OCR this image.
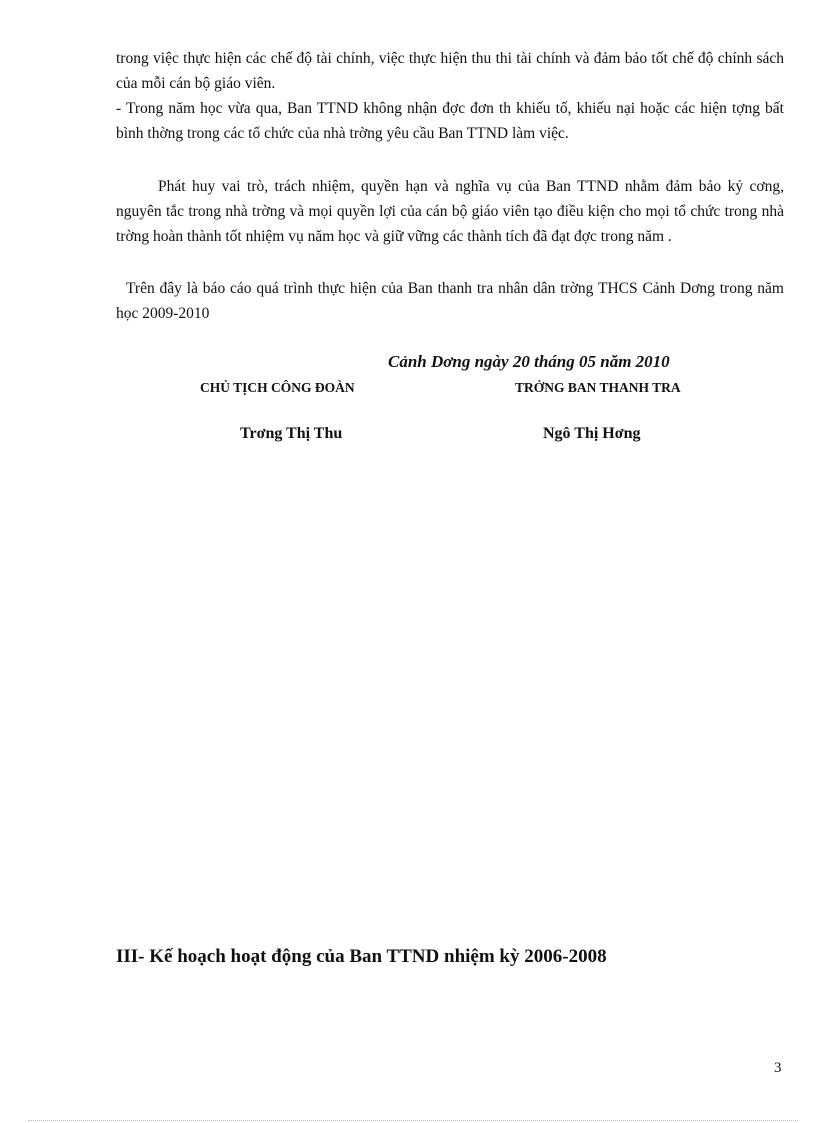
trong việc thực hiện các chế độ tài chính, việc thực hiện thu thi tài chính và đảm bảo tốt chế độ chính sách của mỗi cán bộ giáo viên.

- Trong năm học vừa qua, Ban TTND không nhận đợc đơn th khiếu tố, khiếu nại hoặc các hiện tợng bất bình thờng trong các tổ chức của nhà trờng yêu cầu Ban TTND làm việc.

Phát huy vai trò, trách nhiệm, quyền hạn và nghĩa vụ của Ban TTND nhằm đảm bảo kỷ cơng, nguyên tắc trong nhà trờng và mọi quyền lợi của cán bộ giáo viên tạo điều kiện cho mọi tổ chức trong nhà trờng hoàn thành tốt nhiệm vụ năm học và giữ vững các thành tích đã đạt đợc trong năm .

Trên đây là báo cáo quá trình thực hiện của Ban thanh tra nhân dân trờng THCS Cảnh Dơng trong năm học 2009-2010

Cảnh Dơng ngày 20 tháng 05 năm 2010
CHỦ TỊCH CÔNG ĐOÀN	TRỞNG BAN THANH TRA
Trơng Thị Thu	Ngô Thị Hơng
III- Kế hoạch hoạt động của Ban TTND nhiệm kỳ 2006-2008
3
